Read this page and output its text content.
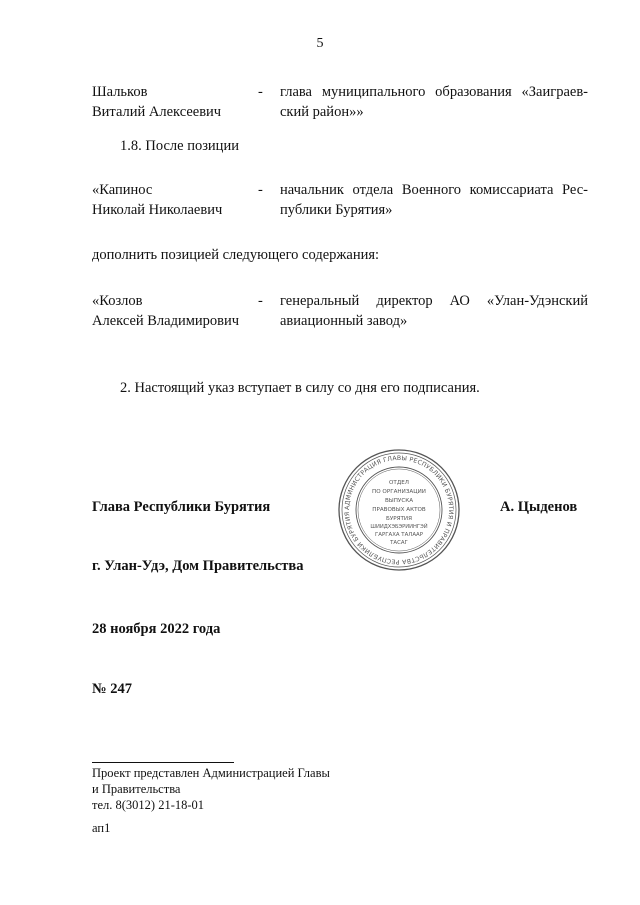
5
Шальков
Виталий Алексеевич
- глава муниципального образования «Заиграев-
ский район»»
1.8. После позиции
«Капинос
Николай Николаевич
- начальник отдела Военного комиссариата Рес-
публики Бурятия»
дополнить позицией следующего содержания:
«Козлов
Алексей Владимирович
- генеральный директор АО «Улан-Удэнский
авиационный завод»
2. Настоящий указ вступает в силу со дня его подписания.
АДМИНИСТРАЦИЯ ГЛАВЫ РЕСПУБЛИКИ БУРЯТИЯ И ПРАВИТЕЛЬСТВА РЕСПУБЛИКИ БУРЯТИЯ
ОТДЕЛ
ПО ОРГАНИЗАЦИИ
ВЫПУСКА
ПРАВОВЫХ АКТОВ
БУРЯТИЯ
ШИИДХЭБЭРИИНГЭЙ
ГАРГАХА ТАЛААР
ТАСАГ
Глава Республики Бурятия	А. Цыденов
г. Улан-Удэ, Дом Правительства
28 ноября 2022 года
№ 247
Проект представлен Администрацией Главы
и Правительства
тел. 8(3012) 21-18-01
ап1
